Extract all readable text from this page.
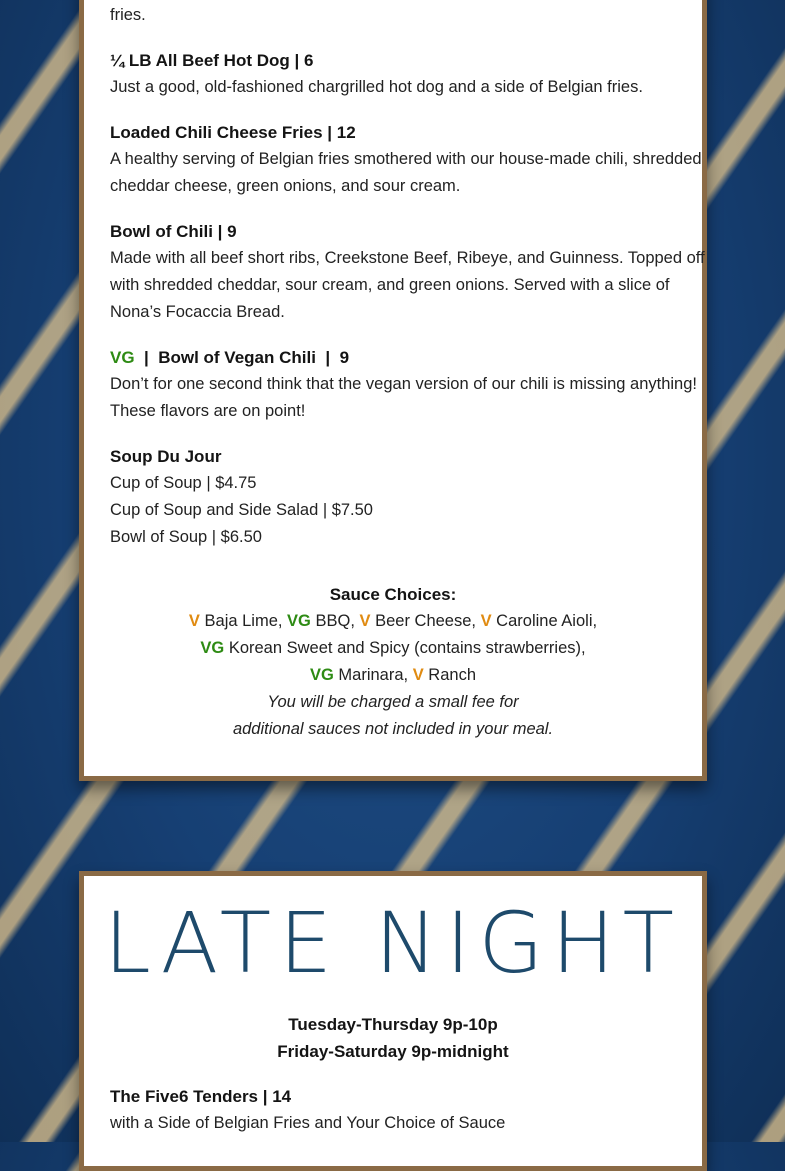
fries.
¼ LB All Beef Hot Dog | 6
Just a good, old-fashioned chargrilled hot dog and a side of Belgian fries.
Loaded Chili Cheese Fries | 12
A healthy serving of Belgian fries smothered with our house-made chili, shredded
cheddar cheese, green onions, and sour cream.
Bowl of Chili | 9
Made with all beef short ribs, Creekstone Beef, Ribeye, and Guinness. Topped off
with shredded cheddar, sour cream, and green onions. Served with a slice of
Nona’s Focaccia Bread.
VG  |  Bowl of Vegan Chili  |  9
Don’t for one second think that the vegan version of our chili is missing anything!
These flavors are on point!
Soup Du Jour
Cup of Soup | $4.75
Cup of Soup and Side Salad | $7.50
Bowl of Soup | $6.50
Sauce Choices:
V Baja Lime, VG BBQ, V Beer Cheese, V Caroline Aioli,
VG Korean Sweet and Spicy (contains strawberries),
VG Marinara, V Ranch
You will be charged a small fee for
additional sauces not included in your meal.
LATE NIGHT
Tuesday-Thursday 9p-10p
Friday-Saturday 9p-midnight
The Five6 Tenders | 14
with a Side of Belgian Fries and Your Choice of Sauce
